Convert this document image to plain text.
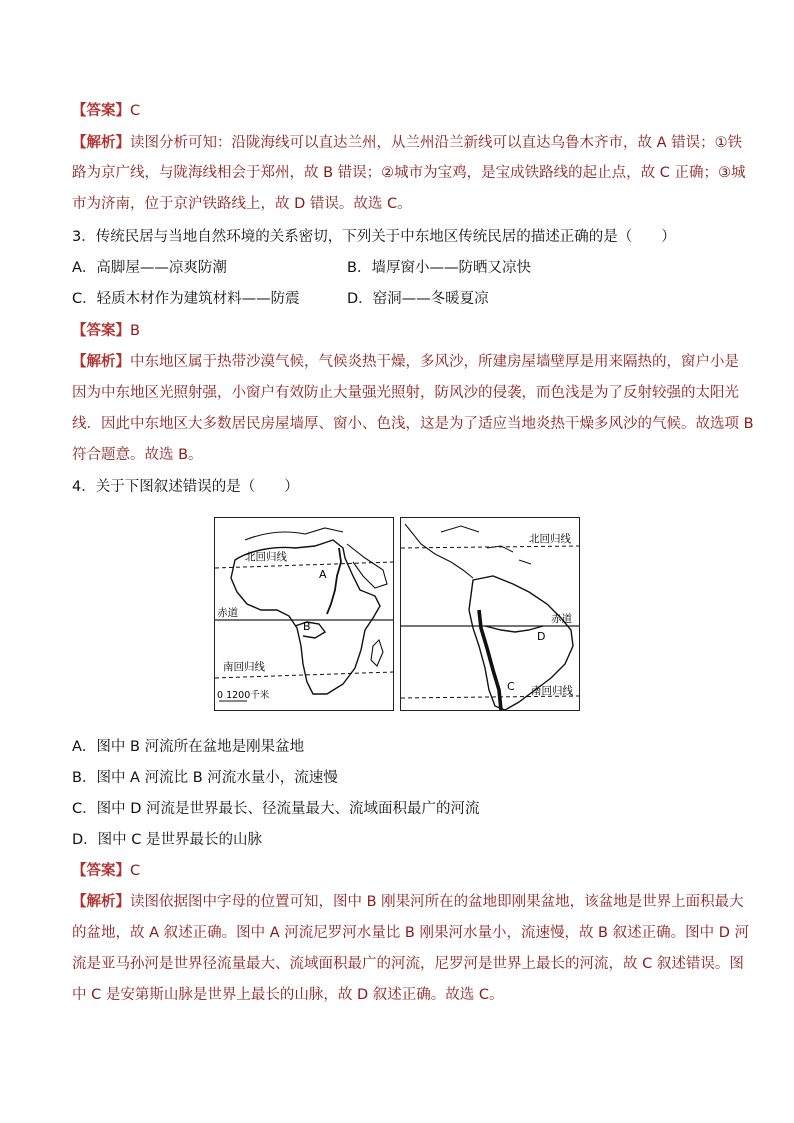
【答案】C
【解析】读图分析可知：沿陇海线可以直达兰州，从兰州沿兰新线可以直达乌鲁木齐市，故 A 错误；①铁
路为京广线，与陇海线相会于郑州，故 B 错误；②城市为宝鸡，是宝成铁路线的起止点，故 C 正确；③城
市为济南，位于京沪铁路线上，故 D 错误。故选 C。
3．传统民居与当地自然环境的关系密切，下列关于中东地区传统民居的描述正确的是（　　）
A．高脚屋——凉爽防潮	B．墙厚窗小——防晒又凉快
C．轻质木材作为建筑材料——防震	D．窑洞——冬暖夏凉
【答案】B
【解析】中东地区属于热带沙漠气候，气候炎热干燥，多风沙，所建房屋墙壁厚是用来隔热的，窗户小是
因为中东地区光照射强，小窗户有效防止大量强光照射，防风沙的侵袭，而色浅是为了反射较强的太阳光
线．因此中东地区大多数居民房屋墙厚、窗小、色浅，这是为了适应当地炎热干燥多风沙的气候。故选项 B
符合题意。故选 B。
4．关于下图叙述错误的是（　　）
北回归线
赤道
南回归线
A
B
0 1200千米
北回归线
赤道
南回归线
C
D
A．图中 B 河流所在盆地是刚果盆地
B．图中 A 河流比 B 河流水量小，流速慢
C．图中 D 河流是世界最长、径流量最大、流域面积最广的河流
D．图中 C 是世界最长的山脉
【答案】C
【解析】读图依据图中字母的位置可知，图中 B 刚果河所在的盆地即刚果盆地，该盆地是世界上面积最大
的盆地，故 A 叙述正确。图中 A 河流尼罗河水量比 B 刚果河水量小，流速慢，故 B 叙述正确。图中 D 河
流是亚马孙河是世界径流量最大、流域面积最广的河流，尼罗河是世界上最长的河流，故 C 叙述错误。图
中 C 是安第斯山脉是世界上最长的山脉，故 D 叙述正确。故选 C。
